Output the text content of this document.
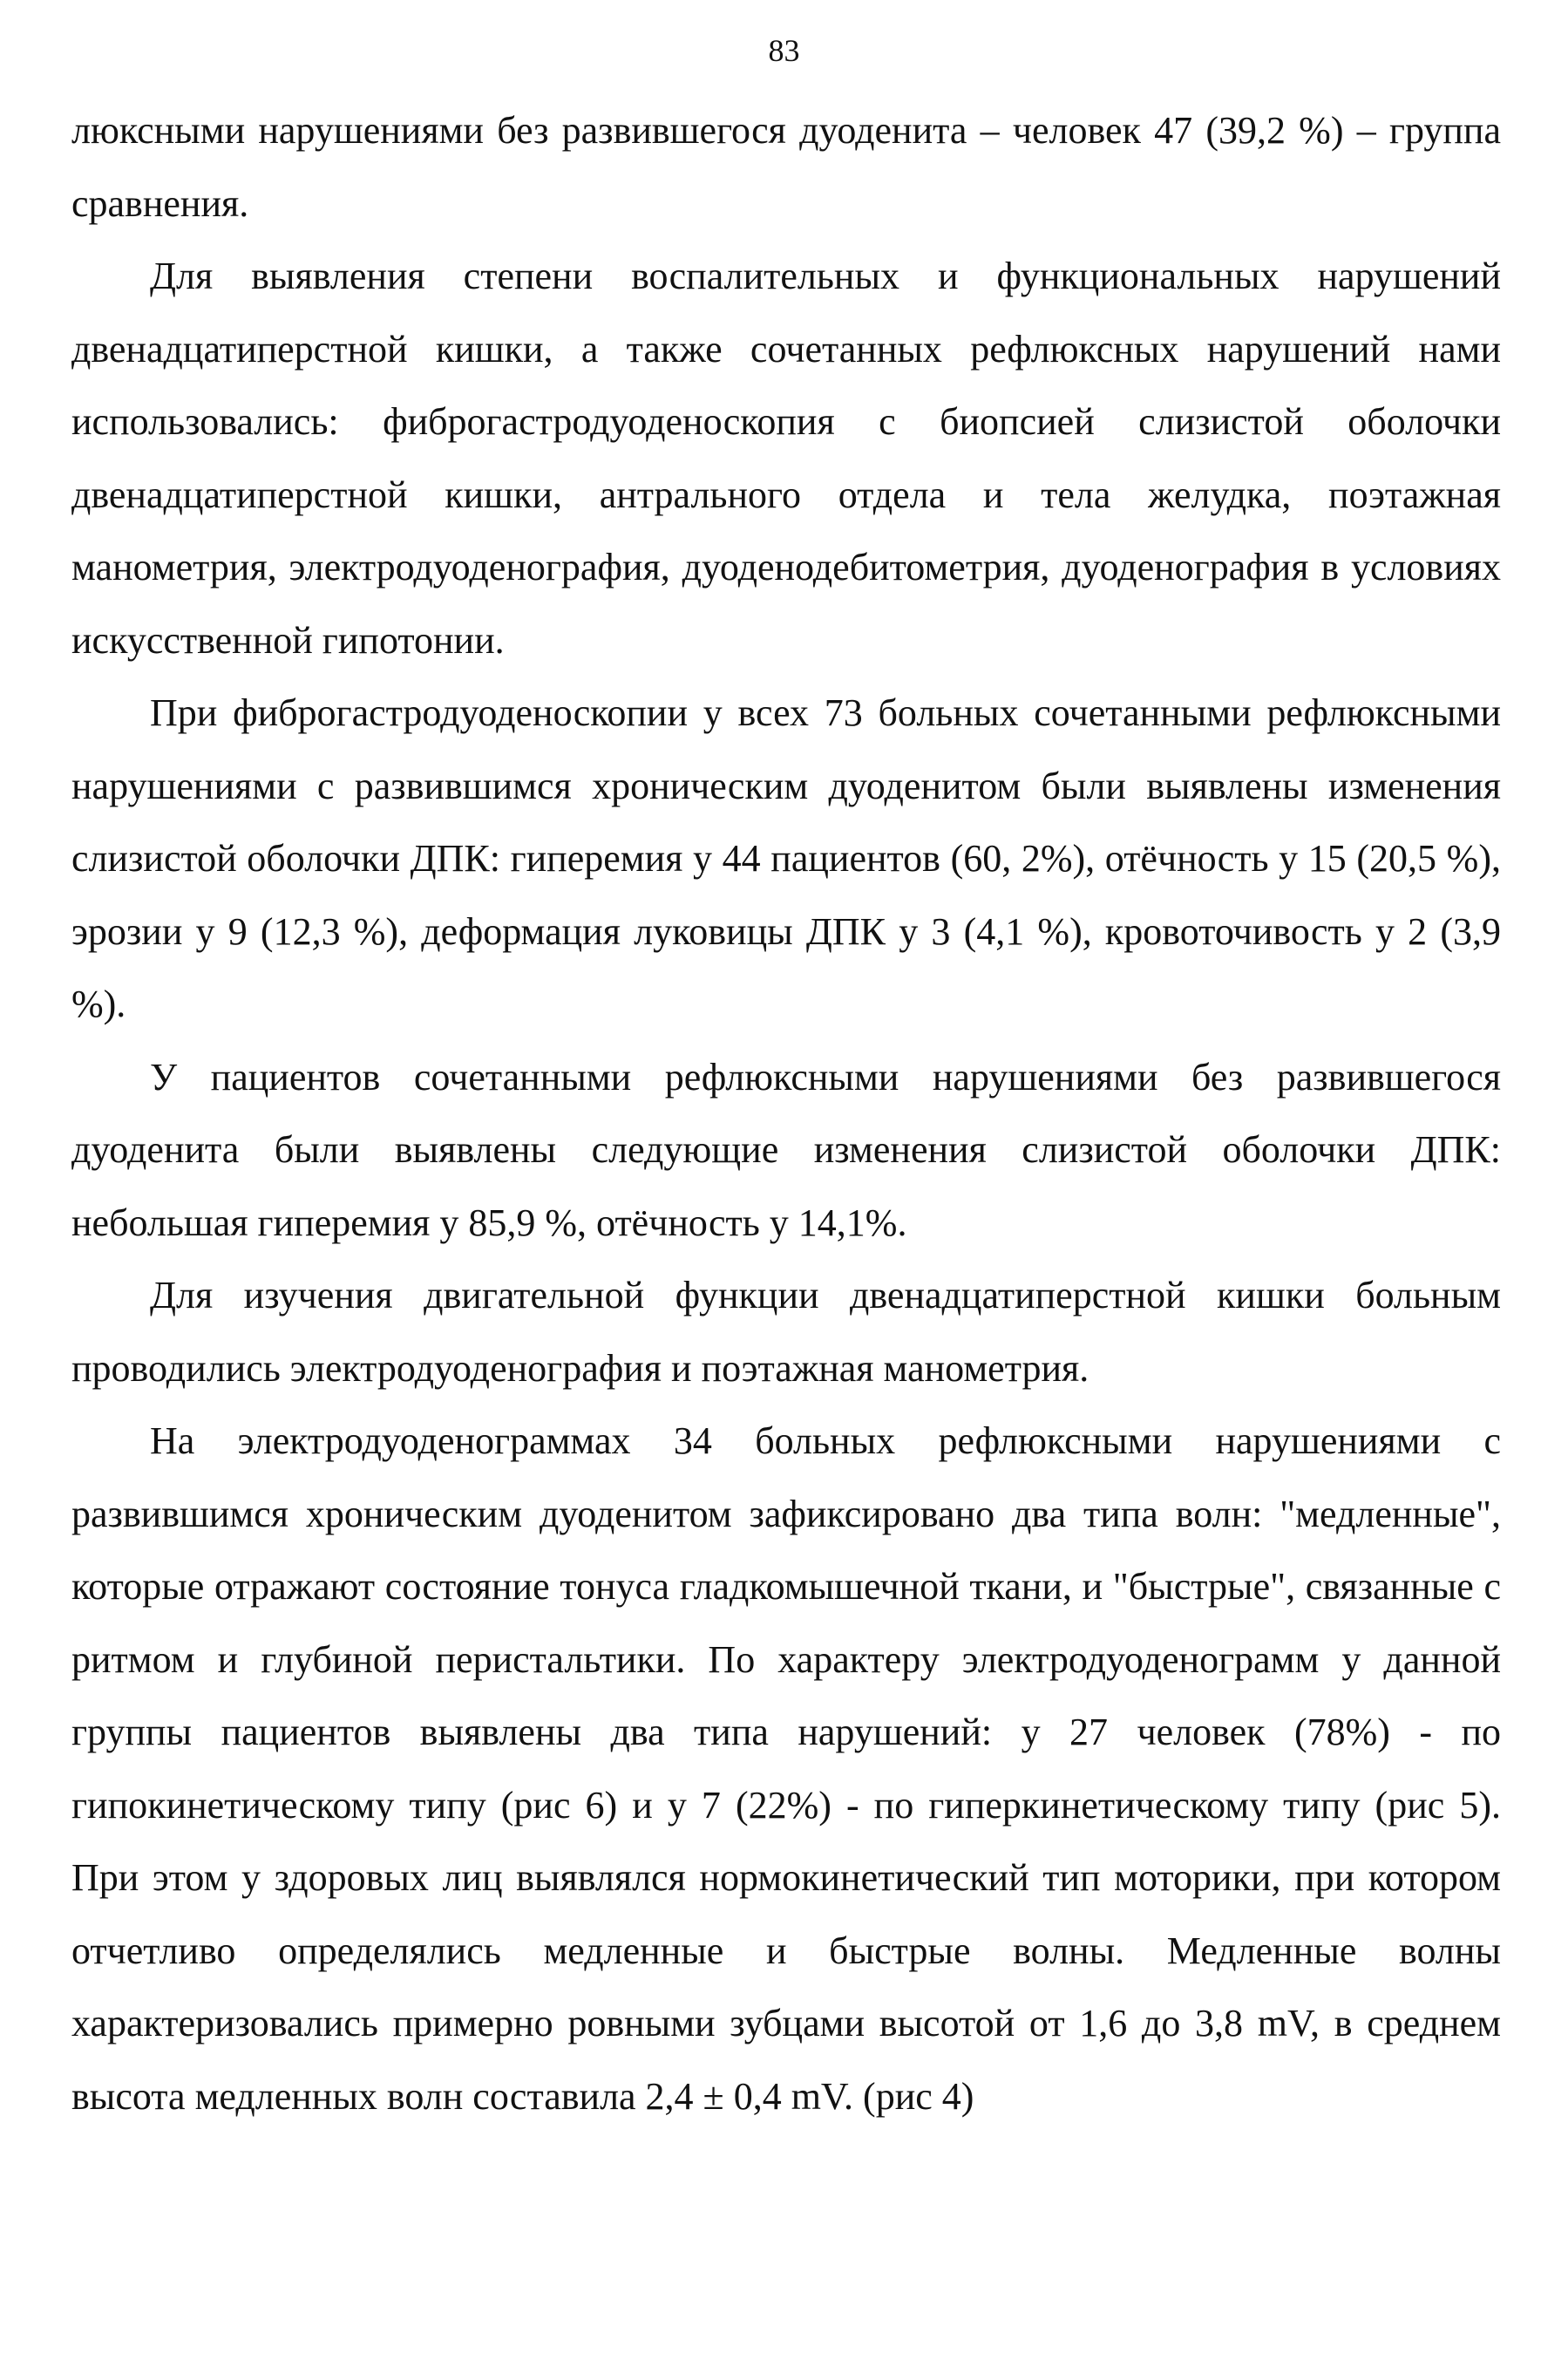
83

люксными нарушениями без развившегося дуоденита – человек 47 (39,2 %) – группа сравнения.

Для выявления степени воспалительных и функциональных нарушений двенадцатиперстной кишки, а также сочетанных рефлюксных нарушений нами использовались: фиброгастродуоденоскопия с биопсией слизистой оболочки двенадцатиперстной кишки, антрального отдела и тела желудка, поэтажная манометрия, электродуоденография, дуоденодебитометрия, дуоденография в условиях искусственной гипотонии.

При фиброгастродуоденоскопии у всех 73 больных сочетанными рефлюксными нарушениями с развившимся хроническим дуоденитом были выявлены изменения слизистой оболочки ДПК: гиперемия у 44 пациентов (60, 2%), отёчность у 15 (20,5 %), эрозии у 9 (12,3 %), деформация луковицы ДПК у 3 (4,1 %), кровоточивость у 2 (3,9 %).

У пациентов сочетанными рефлюксными нарушениями без развившегося дуоденита были выявлены следующие изменения слизистой оболочки ДПК: небольшая гиперемия у 85,9 %, отёчность у 14,1%.

Для изучения двигательной функции двенадцатиперстной кишки больным проводились электродуоденография и поэтажная манометрия.

На электродуоденограммах 34 больных рефлюксными нарушениями с развившимся хроническим дуоденитом зафиксировано два типа волн: "медленные", которые отражают состояние тонуса гладкомышечной ткани, и "быстрые", связанные с ритмом и глубиной перистальтики. По характеру электродуоденограмм у данной группы пациентов выявлены два типа нарушений: у 27 человек (78%) - по гипокинетическому типу (рис 6) и у 7 (22%) - по гиперкинетическому типу (рис 5). При этом у здоровых лиц выявлялся нормокинетический тип моторики, при котором отчетливо определялись медленные и быстрые волны. Медленные волны характеризовались примерно ровными зубцами высотой от 1,6 до 3,8 mV, в среднем высота медленных волн составила 2,4 ± 0,4 mV. (рис 4)
